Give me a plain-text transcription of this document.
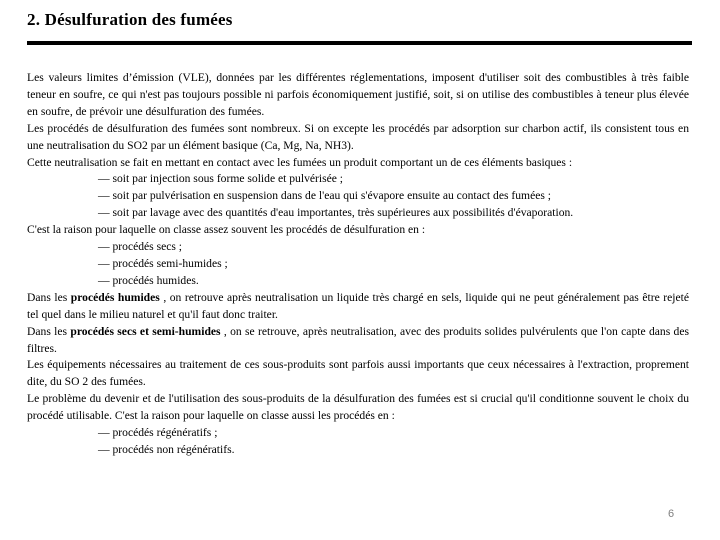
2. Désulfuration des fumées

Les valeurs limites d’émission (VLE), données par les différentes réglementations, imposent d'utiliser soit des combustibles à très faible teneur en soufre, ce qui n'est pas toujours possible ni parfois économiquement justifié, soit, si on utilise des combustibles à teneur plus élevée en soufre, de prévoir une désulfuration des fumées.

Les procédés de désulfuration des fumées sont nombreux. Si on excepte les procédés par adsorption sur charbon actif, ils consistent tous en une neutralisation du SO2 par un élément basique (Ca, Mg, Na, NH3).

Cette neutralisation se fait en mettant en contact avec les fumées un produit comportant un de ces éléments basiques :

— soit par injection sous forme solide et pulvérisée ;

— soit par pulvérisation en suspension dans de l'eau qui s'évapore ensuite au contact des fumées ;

— soit par lavage avec des quantités d'eau importantes, très supérieures aux possibilités d'évaporation.

C'est la raison pour laquelle on classe assez souvent les procédés de désulfuration en :

— procédés secs ;

— procédés semi-humides ;

— procédés humides.

Dans les procédés humides , on retrouve après neutralisation un liquide très chargé en sels, liquide qui ne peut généralement pas être rejeté tel quel dans le milieu naturel et qu'il faut donc traiter.

Dans les procédés secs et semi-humides , on se retrouve, après neutralisation, avec des produits solides pulvérulents que l'on capte dans des filtres.

Les équipements nécessaires au traitement de ces sous-produits sont parfois aussi importants que ceux nécessaires à l'extraction, proprement dite, du SO 2 des fumées.

Le problème du devenir et de l'utilisation des sous-produits de la désulfuration des fumées est si crucial qu'il conditionne souvent le choix du procédé utilisable. C'est la raison pour laquelle on classe aussi les procédés en :

— procédés régénératifs ;

— procédés non régénératifs.

6
